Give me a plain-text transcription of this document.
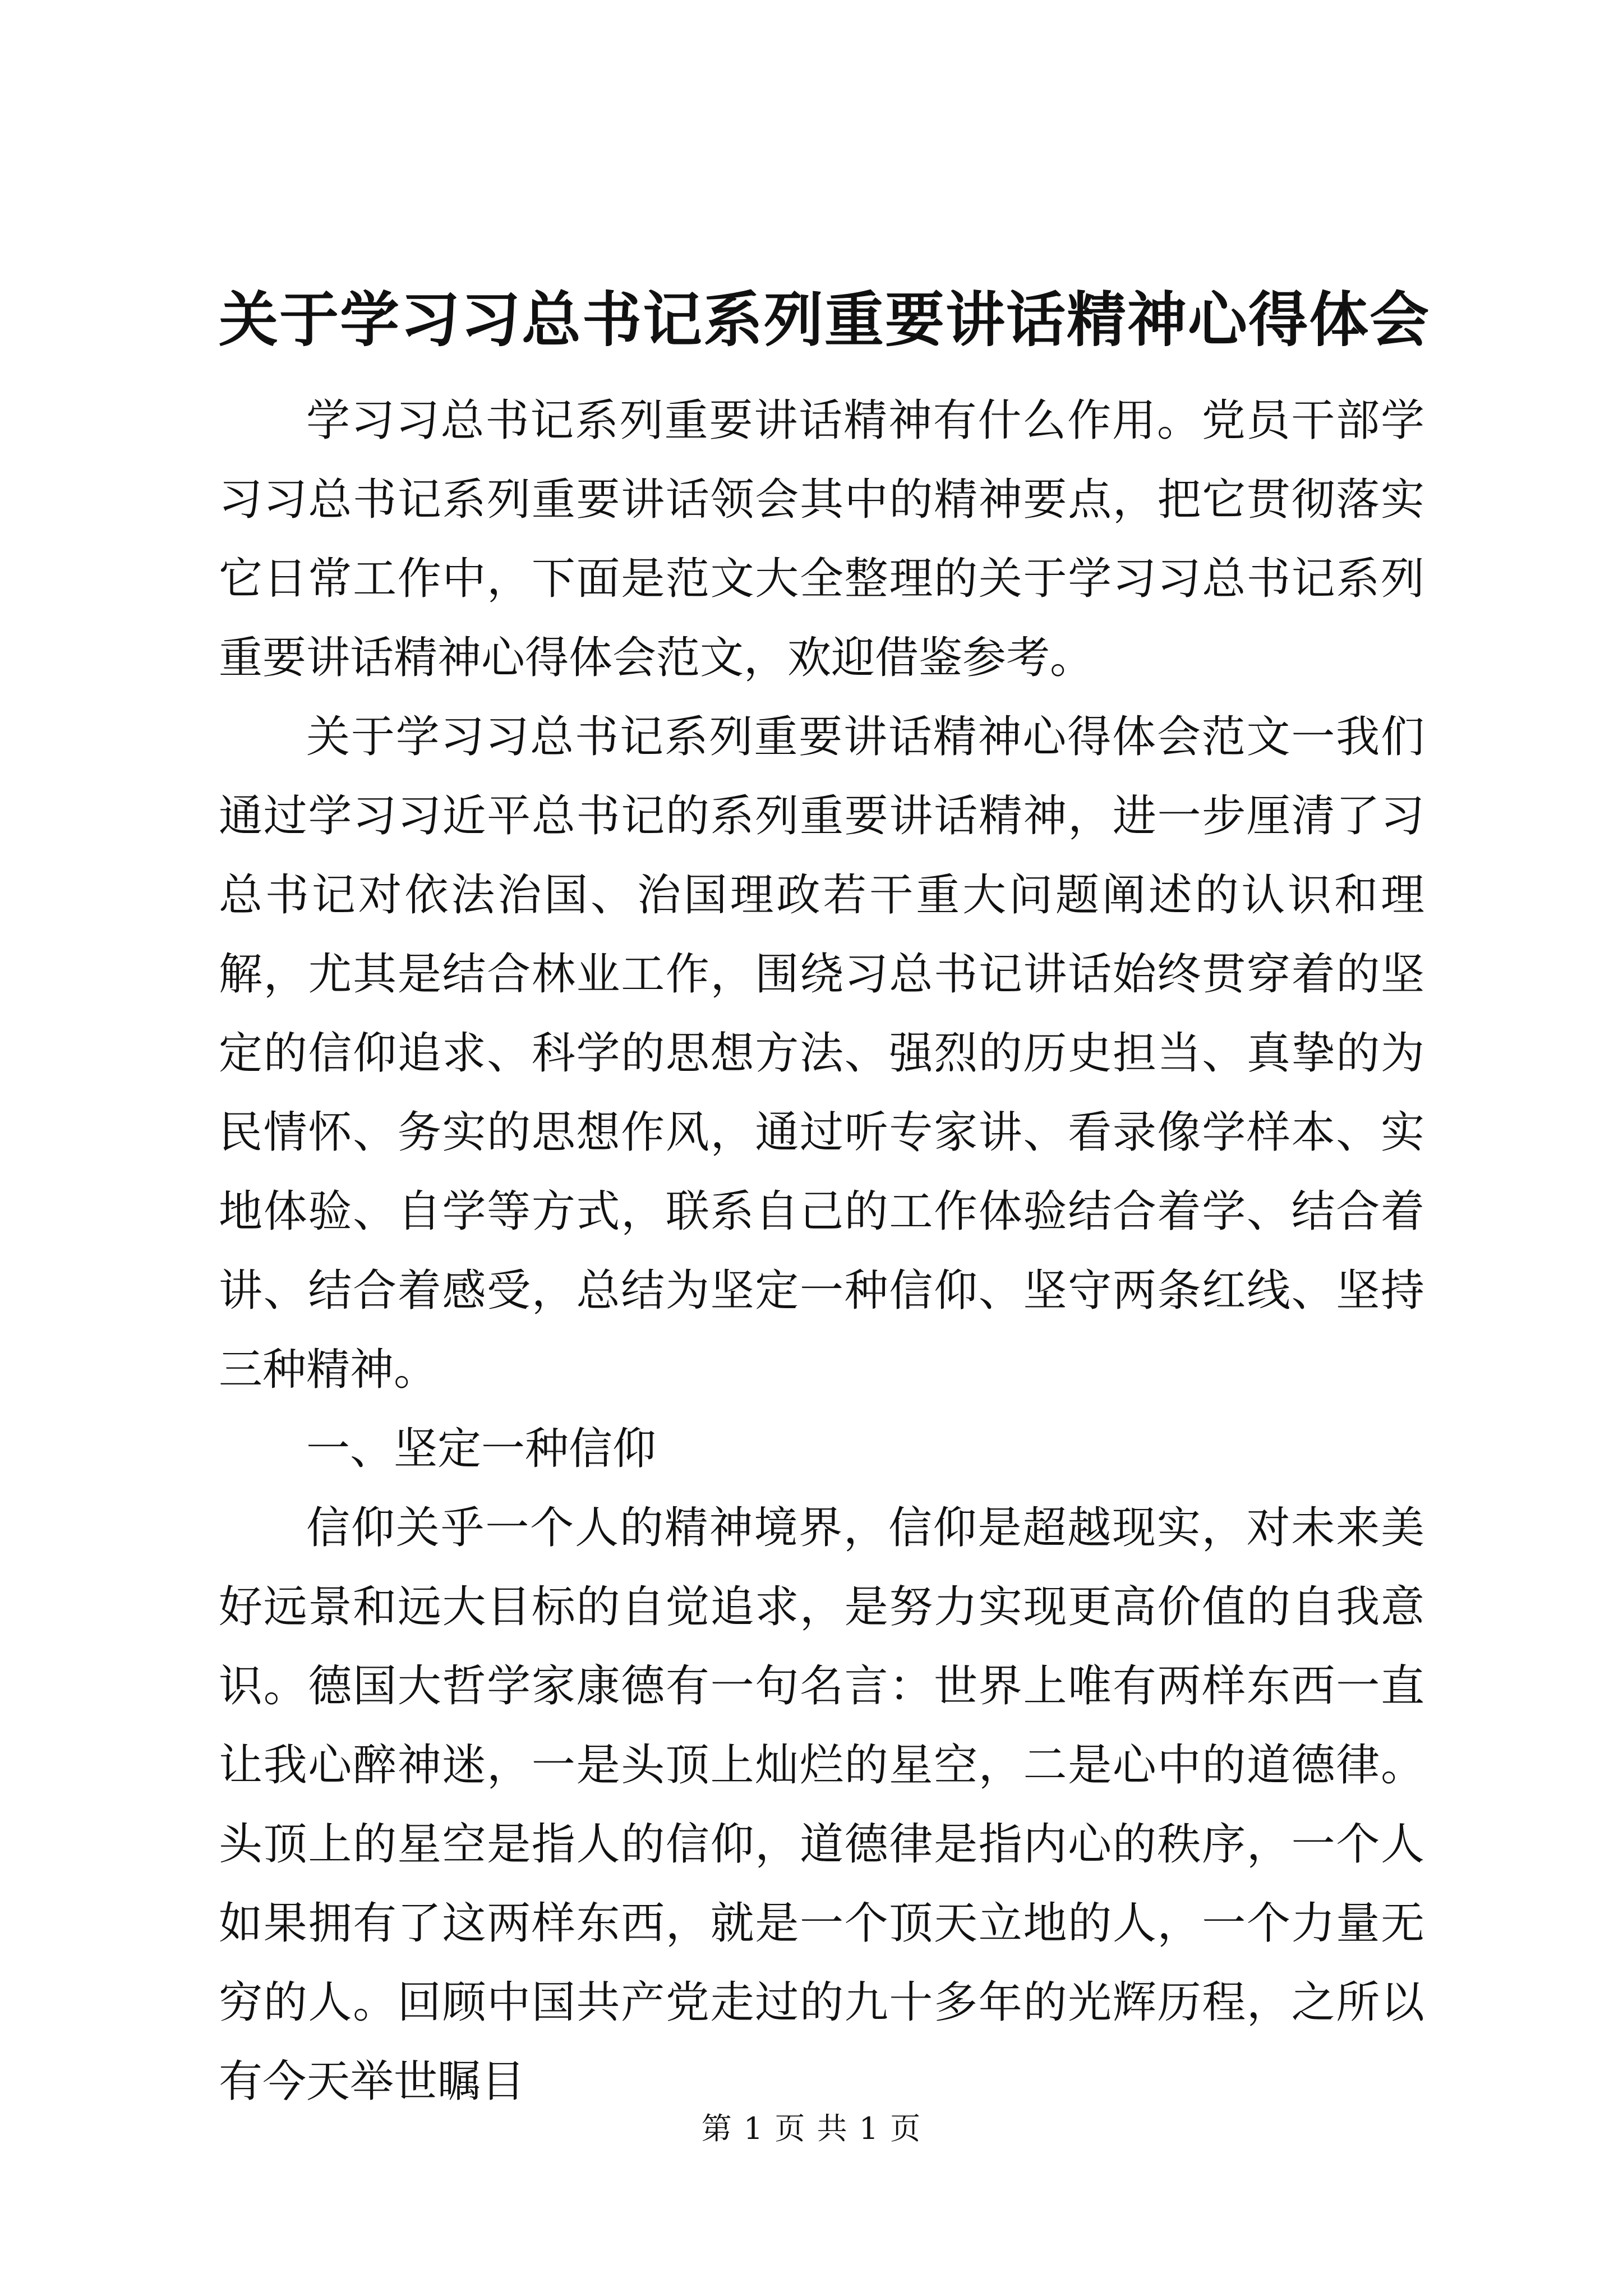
关于学习习总书记系列重要讲话精神心得体会

学习习总书记系列重要讲话精神有什么作用。党员干部学习习总书记系列重要讲话领会其中的精神要点，把它贯彻落实它日常工作中，下面是范文大全整理的关于学习习总书记系列重要讲话精神心得体会范文，欢迎借鉴参考。

关于学习习总书记系列重要讲话精神心得体会范文一我们通过学习习近平总书记的系列重要讲话精神，进一步厘清了习总书记对依法治国、治国理政若干重大问题阐述的认识和理解，尤其是结合林业工作，围绕习总书记讲话始终贯穿着的坚定的信仰追求、科学的思想方法、强烈的历史担当、真挚的为民情怀、务实的思想作风，通过听专家讲、看录像学样本、实地体验、自学等方式，联系自己的工作体验结合着学、结合着讲、结合着感受，总结为坚定一种信仰、坚守两条红线、坚持三种精神。

一、坚定一种信仰

信仰关乎一个人的精神境界，信仰是超越现实，对未来美好远景和远大目标的自觉追求，是努力实现更高价值的自我意识。德国大哲学家康德有一句名言：世界上唯有两样东西一直让我心醉神迷，一是头顶上灿烂的星空，二是心中的道德律。头顶上的星空是指人的信仰，道德律是指内心的秩序，一个人如果拥有了这两样东西，就是一个顶天立地的人，一个力量无穷的人。回顾中国共产党走过的九十多年的光辉历程，之所以有今天举世瞩目

第 1 页 共 1 页
